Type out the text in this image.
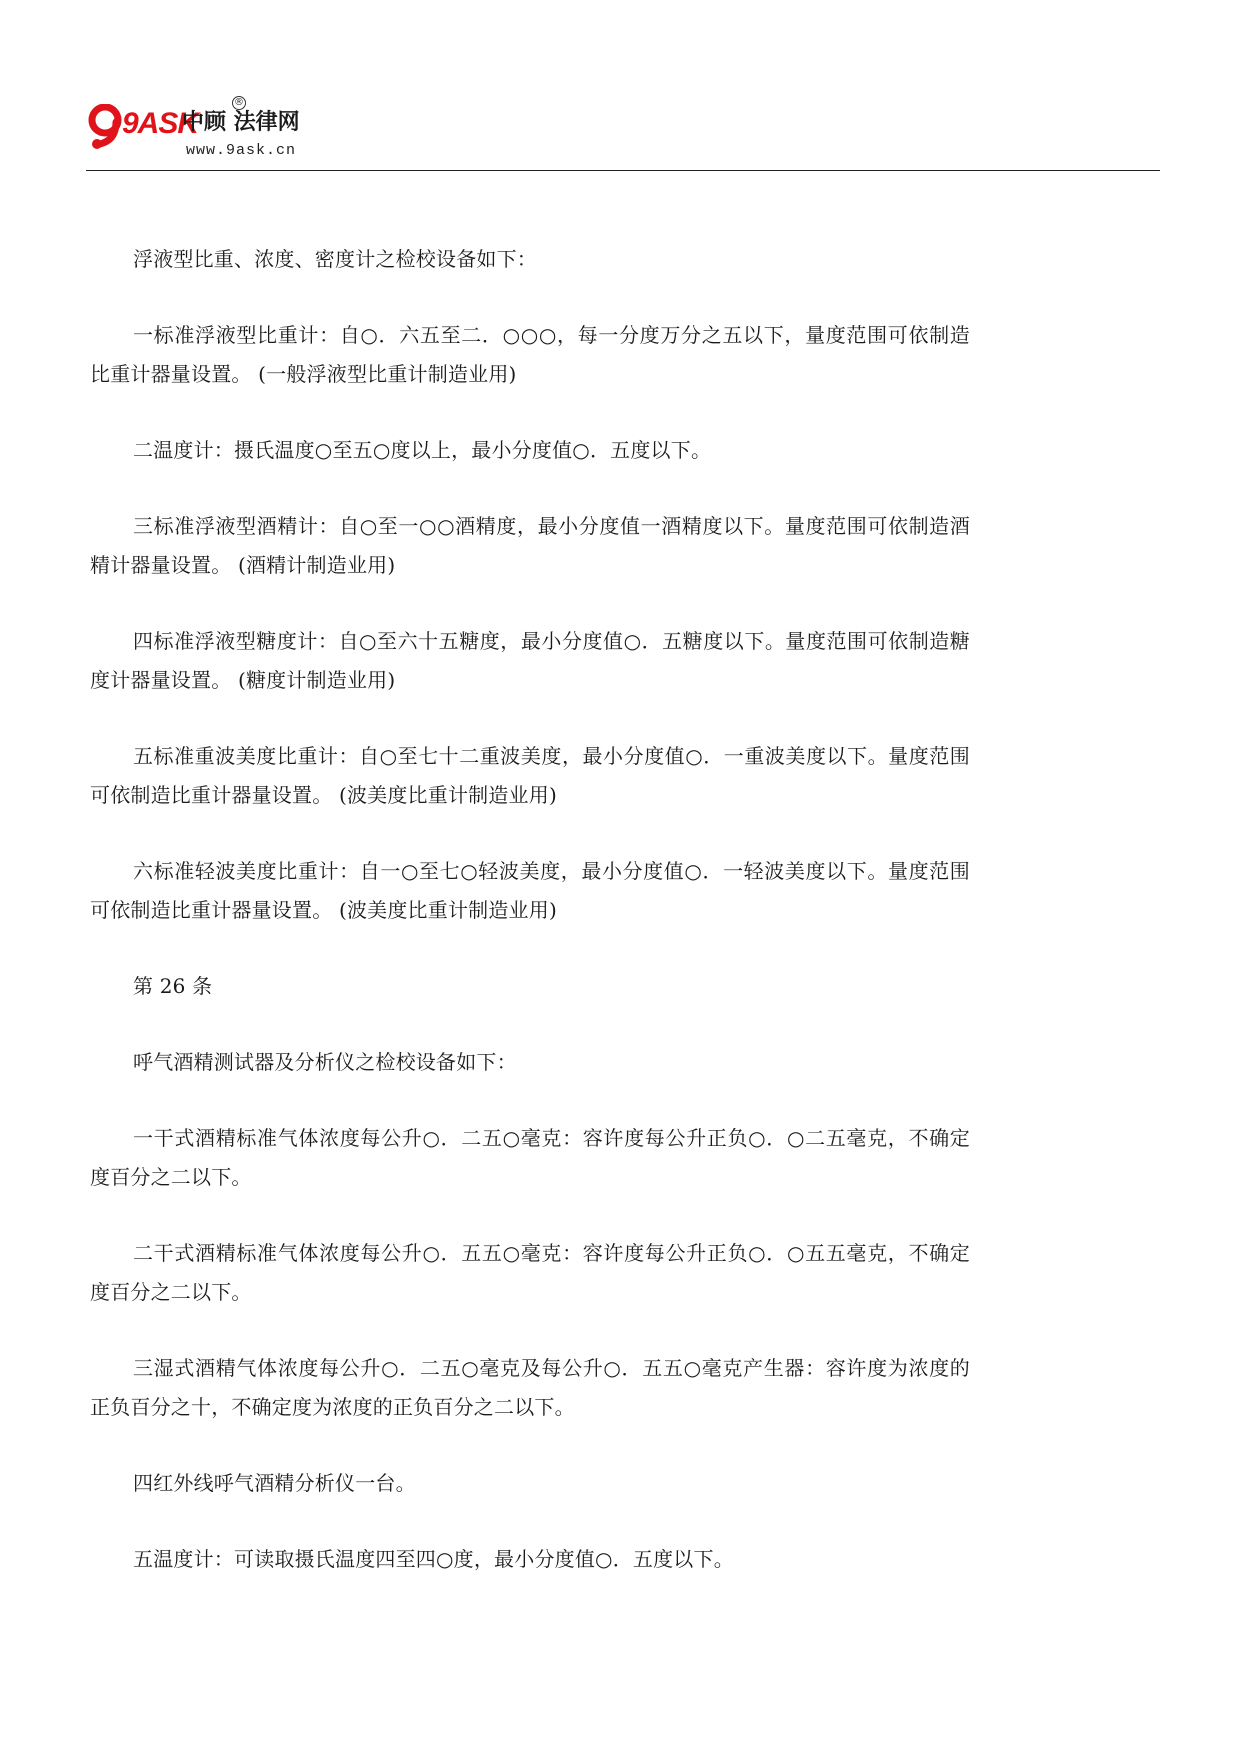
9ASK
中顾 法律网
®
www.9ask.cn

浮液型比重、浓度、密度计之检校设备如下：

一标准浮液型比重计：自○．六五至二．○○○，每一分度万分之五以下，量度范围可依制造比重计器量设置。 (一般浮液型比重计制造业用)

二温度计：摄氏温度○至五○度以上，最小分度值○．五度以下。

三标准浮液型酒精计：自○至一○○酒精度，最小分度值一酒精度以下。量度范围可依制造酒精计器量设置。 (酒精计制造业用)

四标准浮液型糖度计：自○至六十五糖度，最小分度值○．五糖度以下。量度范围可依制造糖度计器量设置。 (糖度计制造业用)

五标准重波美度比重计：自○至七十二重波美度，最小分度值○．一重波美度以下。量度范围可依制造比重计器量设置。 (波美度比重计制造业用)

六标准轻波美度比重计：自一○至七○轻波美度，最小分度值○．一轻波美度以下。量度范围可依制造比重计器量设置。 (波美度比重计制造业用)

第 26 条

呼气酒精测试器及分析仪之检校设备如下：

一干式酒精标准气体浓度每公升○．二五○毫克：容许度每公升正负○．○二五毫克，不确定度百分之二以下。

二干式酒精标准气体浓度每公升○．五五○毫克：容许度每公升正负○．○五五毫克，不确定度百分之二以下。

三湿式酒精气体浓度每公升○．二五○毫克及每公升○．五五○毫克产生器：容许度为浓度的正负百分之十，不确定度为浓度的正负百分之二以下。

四红外线呼气酒精分析仪一台。

五温度计：可读取摄氏温度四至四○度，最小分度值○．五度以下。
